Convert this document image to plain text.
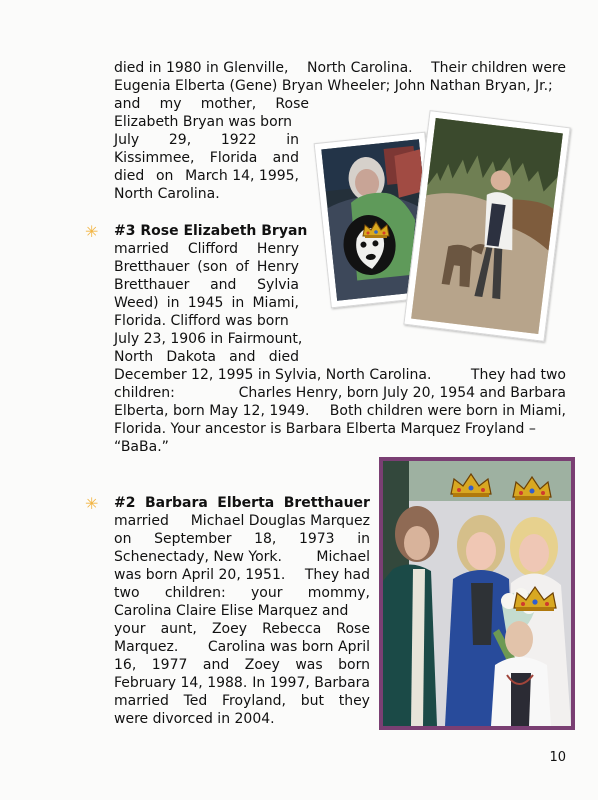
died in 1980 in Glenville, North Carolina. Their children were
Eugenia Elberta (Gene) Bryan Wheeler; John Nathan Bryan, Jr.;
and my mother, Rose
Elizabeth Bryan was born
July 29, 1922 in
Kissimmee, Florida and
died on March 14, 1995,
North Carolina.
✳ #3 Rose Elizabeth Bryan
married Clifford Henry
Bretthauer (son of Henry
Bretthauer and Sylvia
Weed) in 1945 in Miami,
Florida. Clifford was born
July 23, 1906 in Fairmount,
North Dakota and died
December 12, 1995 in Sylvia, North Carolina.	They had two
children:	Charles Henry, born July 20, 1954 and Barbara
Elberta, born May 12, 1949. Both children were born in Miami,
Florida. Your ancestor is Barbara Elberta Marquez Froyland –
“BaBa.”
✳ #2 Barbara Elberta Bretthauer
married Michael Douglas Marquez
on September 18, 1973 in
Schenectady, New York. Michael
was born April 20, 1951. They had
two children: your mommy,
Carolina Claire Elise Marquez and
your aunt, Zoey Rebecca Rose
Marquez. Carolina was born April
16, 1977 and Zoey was born
February 14, 1988. In 1997, Barbara
married Ted Froyland, but they
were divorced in 2004.
10
